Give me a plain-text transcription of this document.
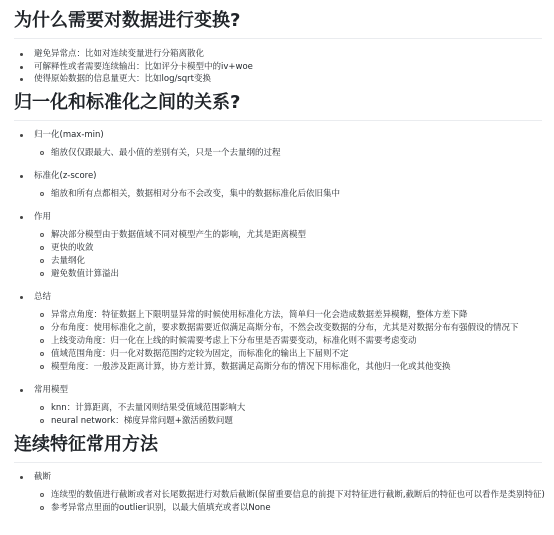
为什么需要对数据进行变换?
避免异常点：比如对连续变量进行分箱离散化
可解释性或者需要连续输出：比如评分卡模型中的iv+woe
使得原始数据的信息量更大：比如log/sqrt变换
归一化和标准化之间的关系?
归一化(max-min)
缩放仅仅跟最大、最小值的差别有关，只是一个去量纲的过程
标准化(z-score)
缩放和所有点都相关，数据相对分布不会改变，集中的数据标准化后依旧集中
作用
解决部分模型由于数据值域不同对模型产生的影响，尤其是距离模型
更快的收敛
去量纲化
避免数值计算溢出
总结
异常点角度：特征数据上下限明显异常的时候使用标准化方法，简单归一化会造成数据差异模糊，整体方差下降
分布角度：使用标准化之前，要求数据需要近似满足高斯分布，不然会改变数据的分布，尤其是对数据分布有强假设的情况下
上线变动角度：归一化在上线的时候需要考虑上下分布里是否需要变动，标准化则不需要考虑变动
值域范围角度：归一化对数据范围约定较为固定，而标准化的输出上下届则不定
模型角度：一般涉及距离计算，协方差计算，数据满足高斯分布的情况下用标准化，其他归一化或其他变换
常用模型
knn：计算距离，不去量冈则结果受值域范围影响大
neural network：梯度异常问题+激活函数问题
连续特征常用方法
截断
连续型的数值进行截断或者对长尾数据进行对数后截断(保留重要信息的前提下对特征进行截断,截断后的特征也可以看作是类别特征)
参考异常点里面的outlier识别，以最大值填充或者以None
